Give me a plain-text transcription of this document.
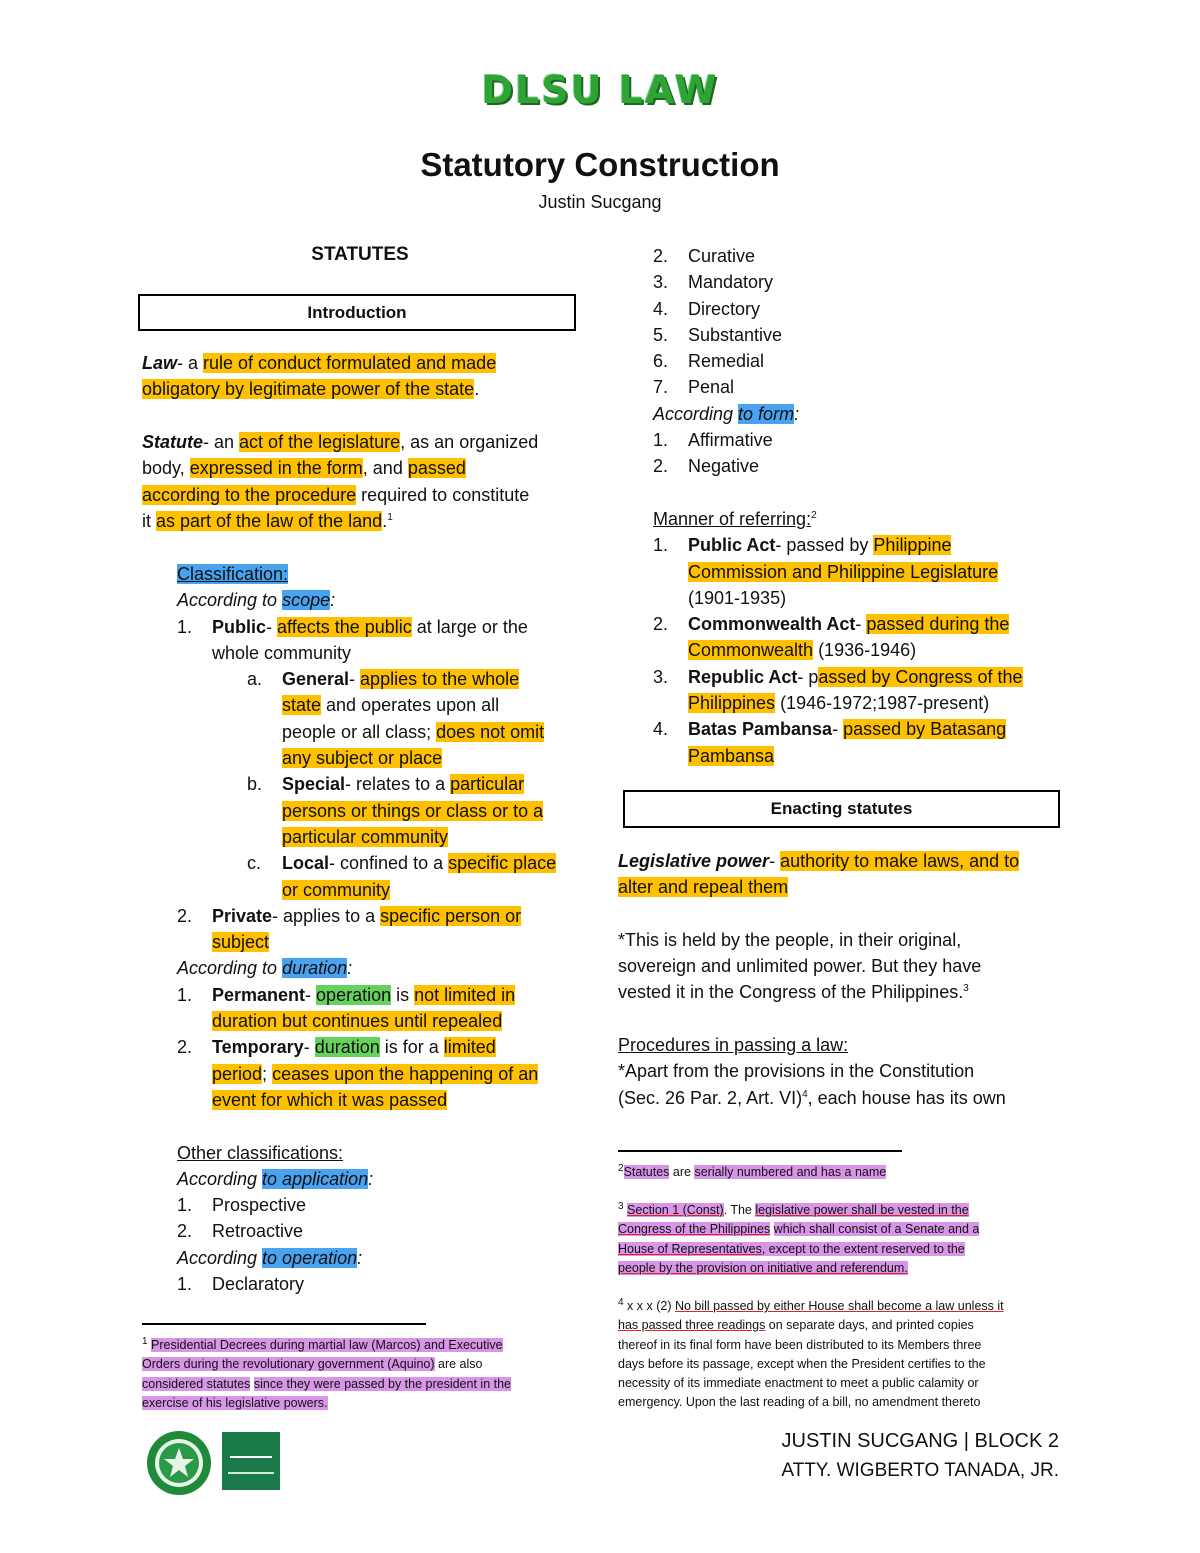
DLSU LAW
Statutory Construction
Justin Sucgang
STATUTES
Introduction
Law- a rule of conduct formulated and made
obligatory by legitimate power of the state.
Statute- an act of the legislature, as an organized
body, expressed in the form, and passed
according to the procedure required to constitute
it as part of the law of the land.$^1$
Classification:
According to scope:
1. Public- affects the public at large or the
whole community
a. General- applies to the whole
state and operates upon all
people or all class; does not omit
any subject or place
b. Special- relates to a particular
persons or things or class or to a
particular community
c. Local- confined to a specific place
or community
2. Private- applies to a specific person or
subject
According to duration:
1. Permanent- operation is not limited in
duration but continues until repealed
2. Temporary- duration is for a limited
period; ceases upon the happening of an
event for which it was passed

Other classifications:
According to application:
1. Prospective
2. Retroactive
According to operation:
1. Declaratory
$^1$ Presidential Decrees during martial law (Marcos) and Executive
Orders during the revolutionary government (Aquino) are also
considered statutes since they were passed by the president in the
exercise of his legislative powers.
2. Curative
3. Mandatory
4. Directory
5. Substantive
6. Remedial
7. Penal
According to form:
1. Affirmative
2. Negative

Manner of referring:$^2$
1. Public Act- passed by Philippine
Commission and Philippine Legislature
(1901-1935)
2. Commonwealth Act- passed during the
Commonwealth (1936-1946)
3. Republic Act- passed by Congress of the
Philippines (1946-1972;1987-present)
4. Batas Pambansa- passed by Batasang
Pambansa
Enacting statutes
Legislative power- authority to make laws, and to
alter and repeal them

*This is held by the people, in their original,
sovereign and unlimited power. But they have
vested it in the Congress of the Philippines.$^3$

Procedures in passing a law:
*Apart from the provisions in the Constitution
(Sec. 26 Par. 2, Art. VI)$^4$, each house has its own
$^2$Statutes are serially numbered and has a name
$^3$ Section 1 (Const). The legislative power shall be vested in the
Congress of the Philippines which shall consist of a Senate and a
House of Representatives, except to the extent reserved to the
people by the provision on initiative and referendum.
$^4$ x x x (2) No bill passed by either House shall become a law unless it
has passed three readings on separate days, and printed copies
thereof in its final form have been distributed to its Members three
days before its passage, except when the President certifies to the
necessity of its immediate enactment to meet a public calamity or
emergency. Upon the last reading of a bill, no amendment thereto
JUSTIN SUCGANG | BLOCK 2
ATTY. WIGBERTO TANADA, JR.
